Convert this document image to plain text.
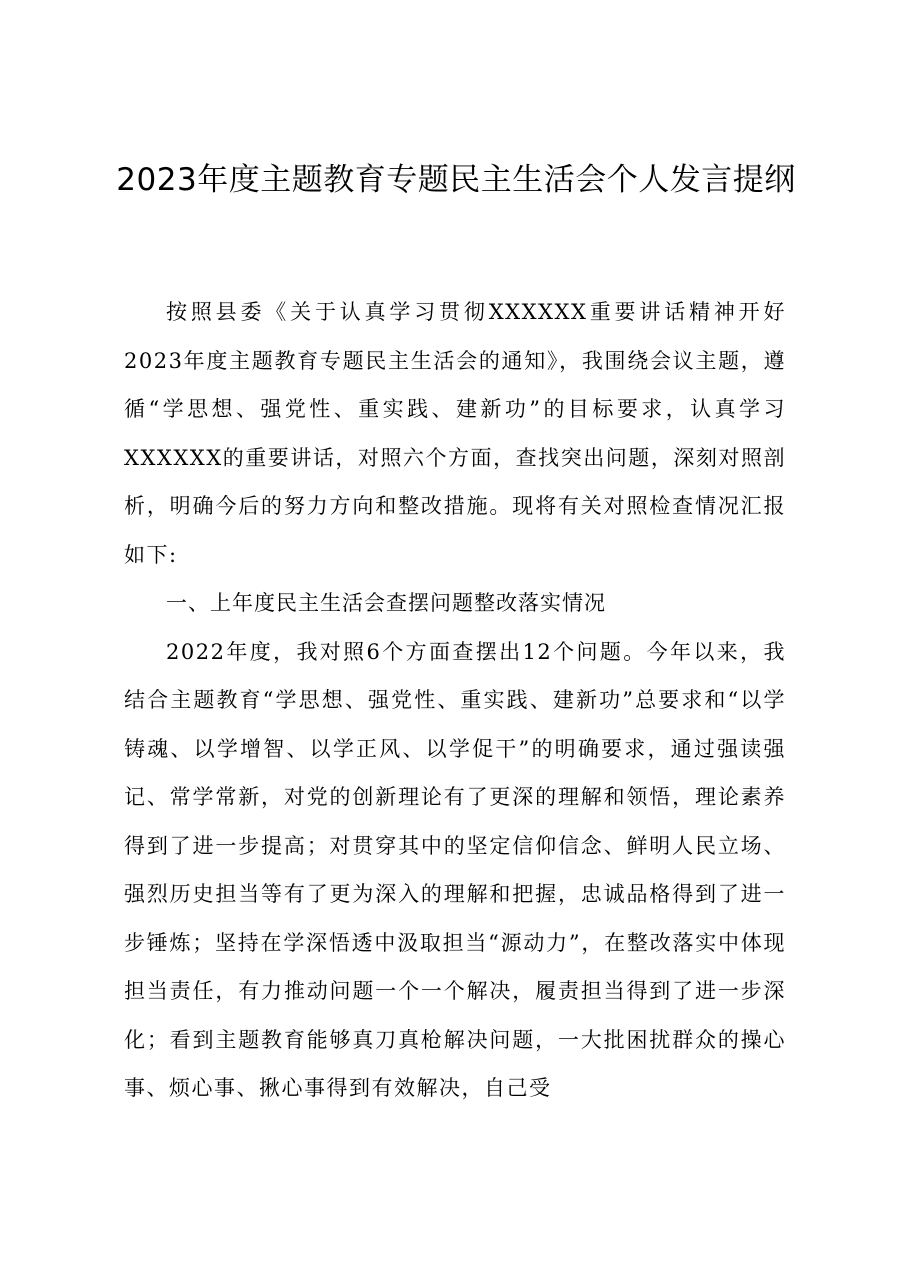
2023年度主题教育专题民主生活会个人发言提纲

按照县委《关于认真学习贯彻XXXXXX重要讲话精神开好2023年度主题教育专题民主生活会的通知》，我围绕会议主题，遵循“学思想、强党性、重实践、建新功”的目标要求，认真学习XXXXXX的重要讲话，对照六个方面，查找突出问题，深刻对照剖析，明确今后的努力方向和整改措施。现将有关对照检查情况汇报如下:

一、上年度民主生活会查摆问题整改落实情况

2022年度，我对照6个方面查摆出12个问题。今年以来，我结合主题教育“学思想、强党性、重实践、建新功”总要求和“以学铸魂、以学增智、以学正风、以学促干”的明确要求，通过强读强记、常学常新，对党的创新理论有了更深的理解和领悟，理论素养得到了进一步提高；对贯穿其中的坚定信仰信念、鲜明人民立场、强烈历史担当等有了更为深入的理解和把握，忠诚品格得到了进一步锤炼；坚持在学深悟透中汲取担当“源动力”，在整改落实中体现担当责任，有力推动问题一个一个解决，履责担当得到了进一步深化；看到主题教育能够真刀真枪解决问题，一大批困扰群众的操心事、烦心事、揪心事得到有效解决，自己受
